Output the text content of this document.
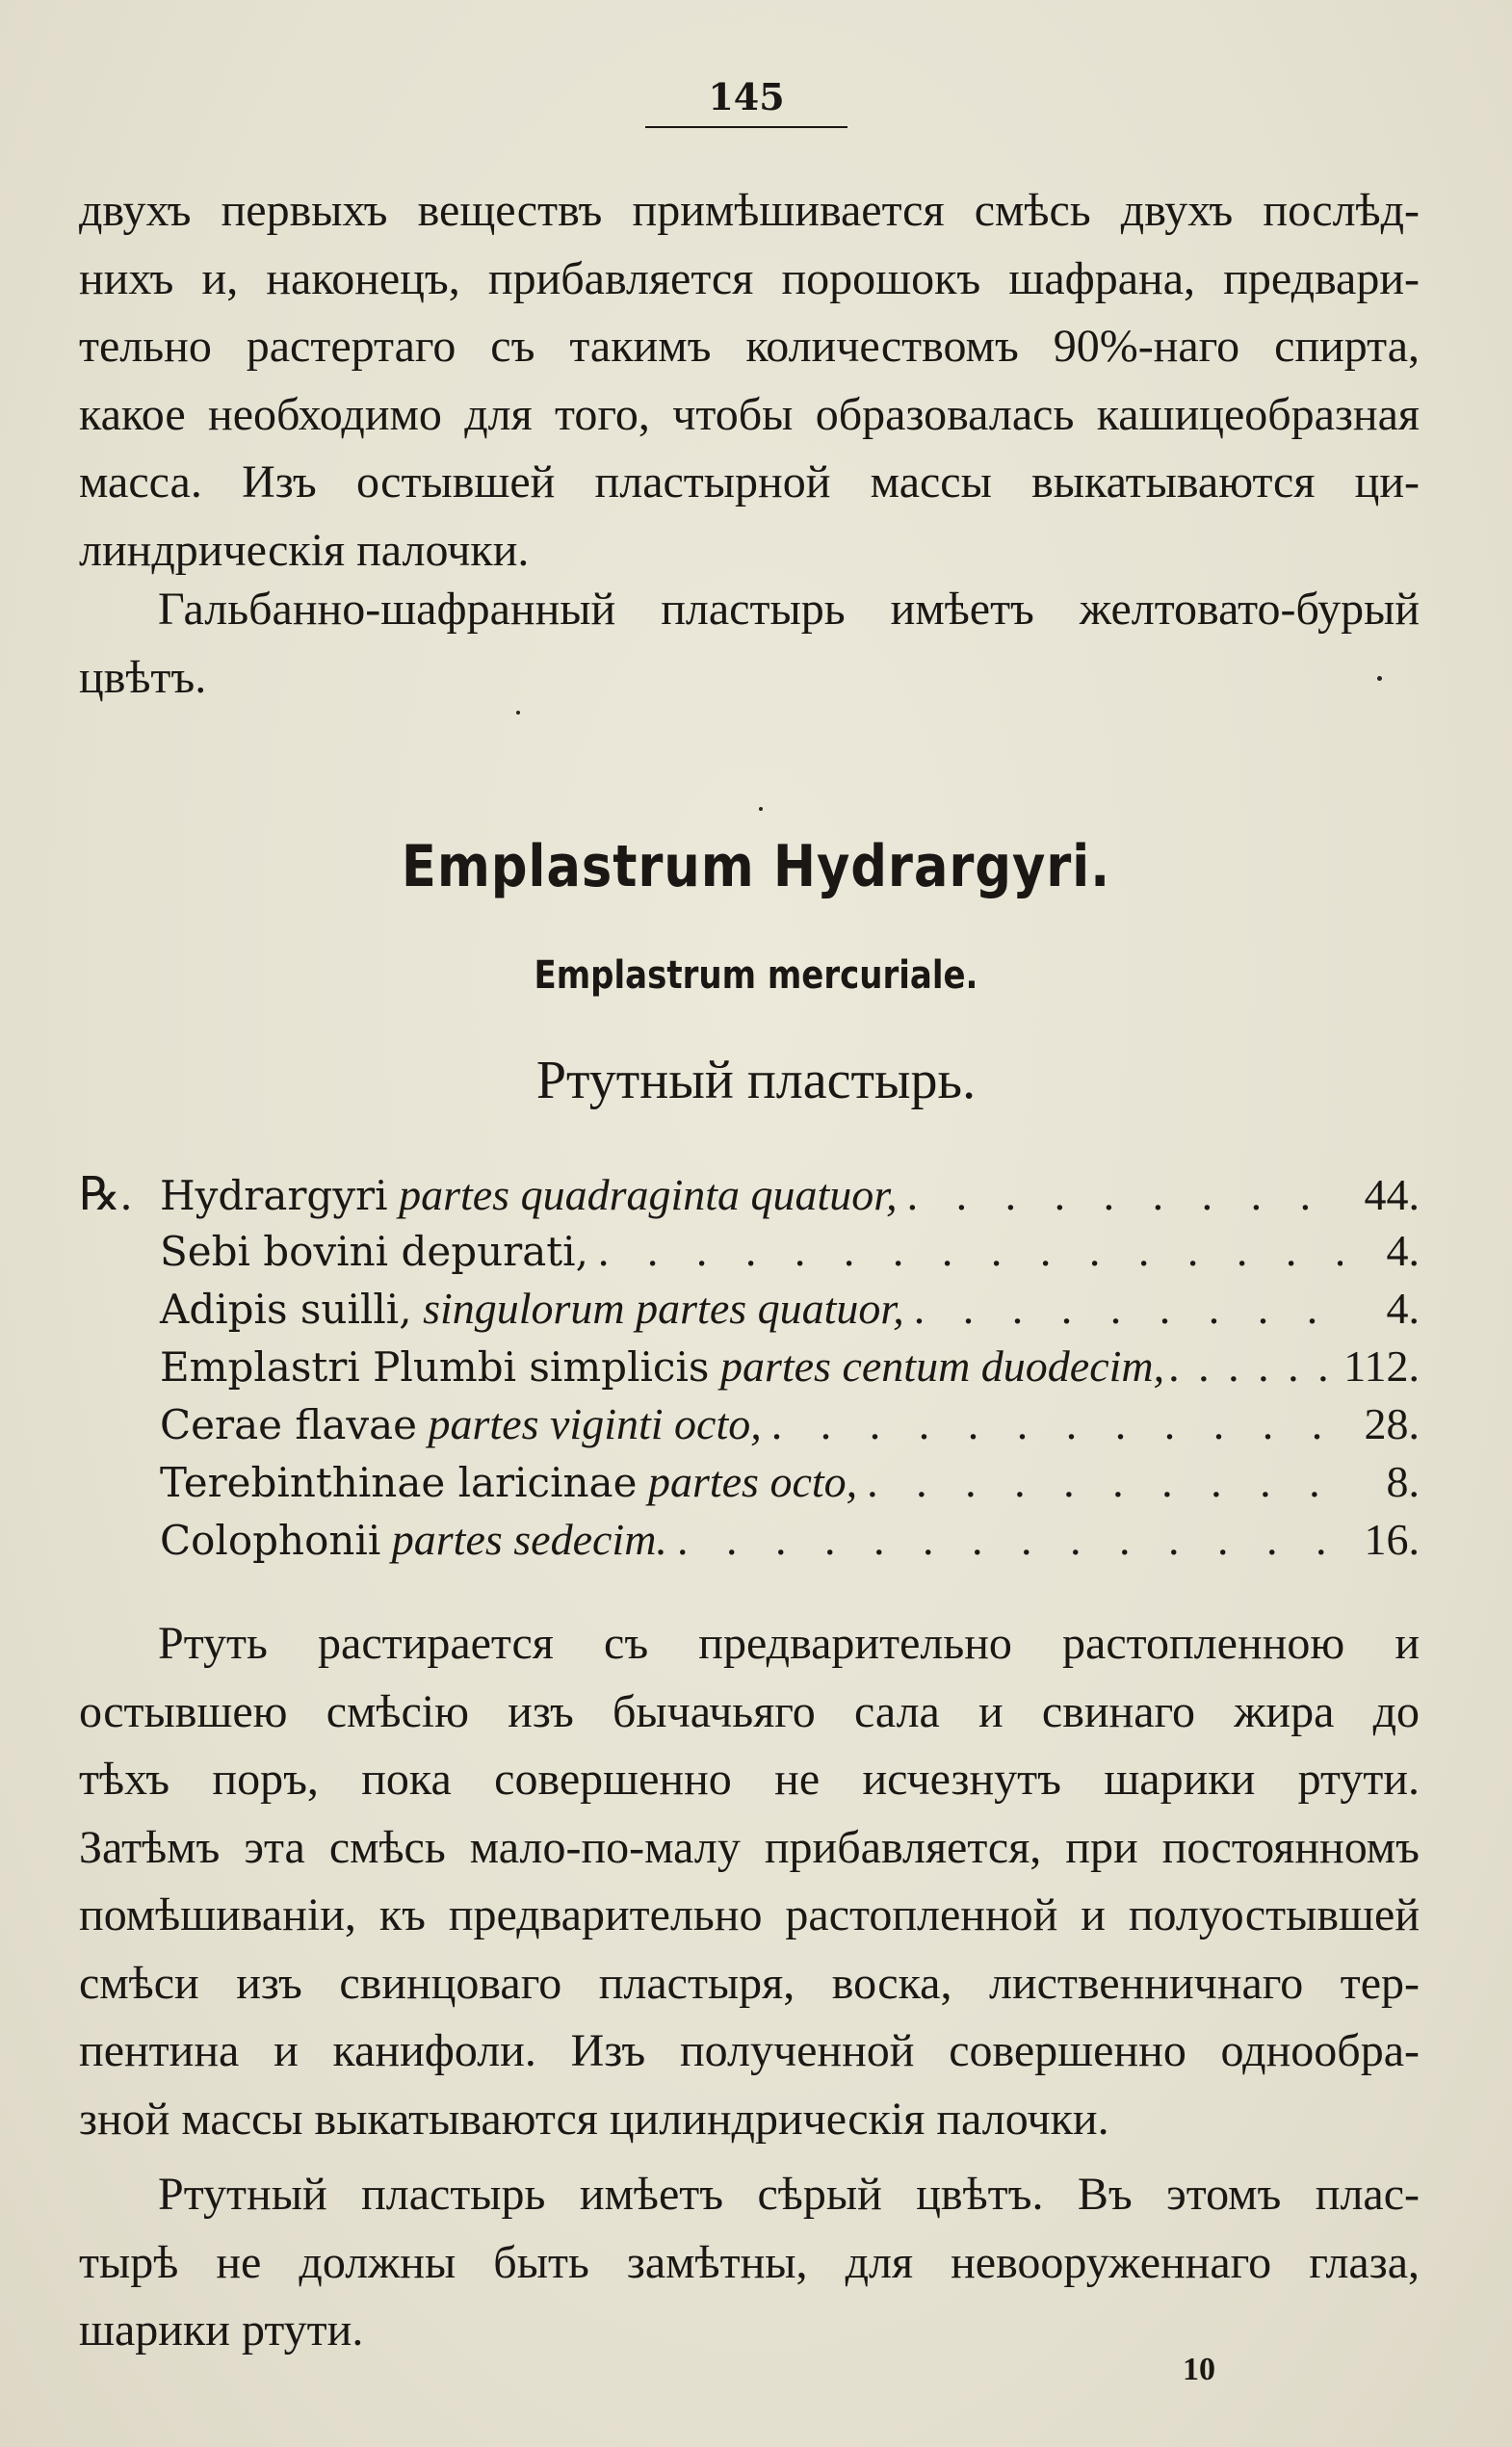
145
двухъ первыхъ веществъ примѣшивается смѣсь двухъ послѣд-
нихъ и, наконецъ, прибавляется порошокъ шафрана, предвари-
тельно растертаго съ такимъ количествомъ 90%-наго спирта,
какое необходимо для того, чтобы образовалась кашицеобразная
масса. Изъ остывшей пластырной массы выкатываются ци-
линдрическія палочки.
Гальбанно-шафранный пластырь имѣетъ желтовато-бурый
цвѣтъ.
Emplastrum Hydrargyri.
Emplastrum mercuriale.
Ртутный пластырь.
℞. Hydrargyri partes quadraginta quatuor, . . .	44.
Sebi bovini depurati, . . .	4.
Adipis suilli, singulorum partes quatuor, . . .	4.
Emplastri Plumbi simplicis partes centum duodecim, . . .	112.
Cerae flavae partes viginti octo, . . .	28.
Terebinthinae laricinae partes octo, . . .	8.
Colophonii partes sedecim. . . .	16.
Ртуть растирается съ предварительно растопленною и
остывшею смѣсію изъ бычачьяго сала и свинаго жира до
тѣхъ поръ, пока совершенно не исчезнутъ шарики ртути.
Затѣмъ эта смѣсь мало-по-малу прибавляется, при постоянномъ
помѣшиванiи, къ предварительно растопленной и полуостывшей
смѣси изъ свинцоваго пластыря, воска, лиственничнаго тер-
пентина и канифоли. Изъ полученной совершенно однообра-
зной массы выкатываются цилиндрическія палочки.
Ртутный пластырь имѣетъ сѣрый цвѣтъ. Въ этомъ плас-
тырѣ не должны быть замѣтны, для невооруженнаго глаза,
шарики ртути.
10
